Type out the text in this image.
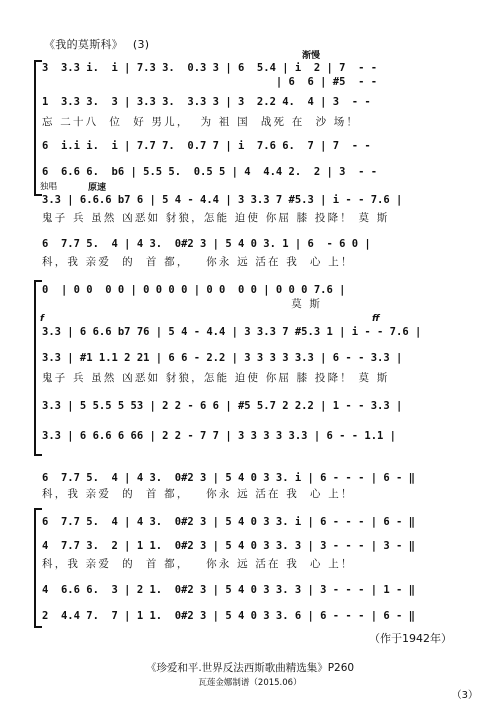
《我的莫斯科》 (3)
渐慢
3  3.3 i.  i | 7.3 3.  0.3 3 | 6  5.4 | i  2 | 7  - -
| 6  6 | #5  - -
1  3.3 3.  3 | 3.3 3.  3.3 3 | 3  2.2 4.  4 | 3  - -
忘 二十八  位  好 男儿，  为 祖 国  战死 在  沙 场！
6  i.i i.  i | 7.7 7.  0.7 7 | i  7.6 6.  7 | 7  - -
6  6.6 6.  b6 | 5.5 5.  0.5 5 | 4  4.4 2.  2 | 3  - -
独唱	原速
3.3 | 6.6.6 b7 6 | 5 4 - 4.4 | 3 3.3 7 #5.3 | i - - 7.6 |
鬼子 兵 虽然 凶恶如 豺狼，怎能 迫使 你屈 膝 投降！ 莫 斯
6  7.7 5.  4 | 4 3.  0#2 3 | 5 4 0 3. 1 | 6  - 6 0 |
科，我 亲爱  的  首 都，   你永 远 活在 我  心 上！
0  | 0 0  0 0 | 0 0 0 0 | 0 0  0 0 | 0 0 0 7.6 |
莫 斯
f	ff
3.3 | 6 6.6 b7 76 | 5 4 - 4.4 | 3 3.3 7 #5.3 1 | i - - 7.6 |
3.3 | #1 1.1 2 21 | 6 6 - 2.2 | 3 3 3 3 3.3 | 6 - - 3.3 |
鬼子 兵 虽然 凶恶如 豺狼，怎能 迫使 你屈 膝 投降！ 莫 斯
3.3 | 5 5.5 5 53 | 2 2 - 6 6 | #5 5.7 2 2.2 | 1 - - 3.3 |
3.3 | 6 6.6 6 66 | 2 2 - 7 7 | 3 3 3 3 3.3 | 6 - - 1.1 |
6  7.7 5.  4 | 4 3.  0#2 3 | 5 4 0 3 3. i | 6 - - - | 6 - ‖
科，我 亲爱  的  首 都，   你永 远 活在 我  心 上！
6  7.7 5.  4 | 4 3.  0#2 3 | 5 4 0 3 3. i | 6 - - - | 6 - ‖
4  7.7 3.  2 | 1 1.  0#2 3 | 5 4 0 3 3. 3 | 3 - - - | 3 - ‖
科，我 亲爱  的  首 都，   你永 远 活在 我  心 上！
4  6.6 6.  3 | 2 1.  0#2 3 | 5 4 0 3 3. 3 | 3 - - - | 1 - ‖
2  4.4 7.  7 | 1 1.  0#2 3 | 5 4 0 3 3. 6 | 6 - - - | 6 - ‖
（作于1942年）
《珍爱和平.世界反法西斯歌曲精选集》P260
瓦莲金娜制谱（2015.06）
（3）
